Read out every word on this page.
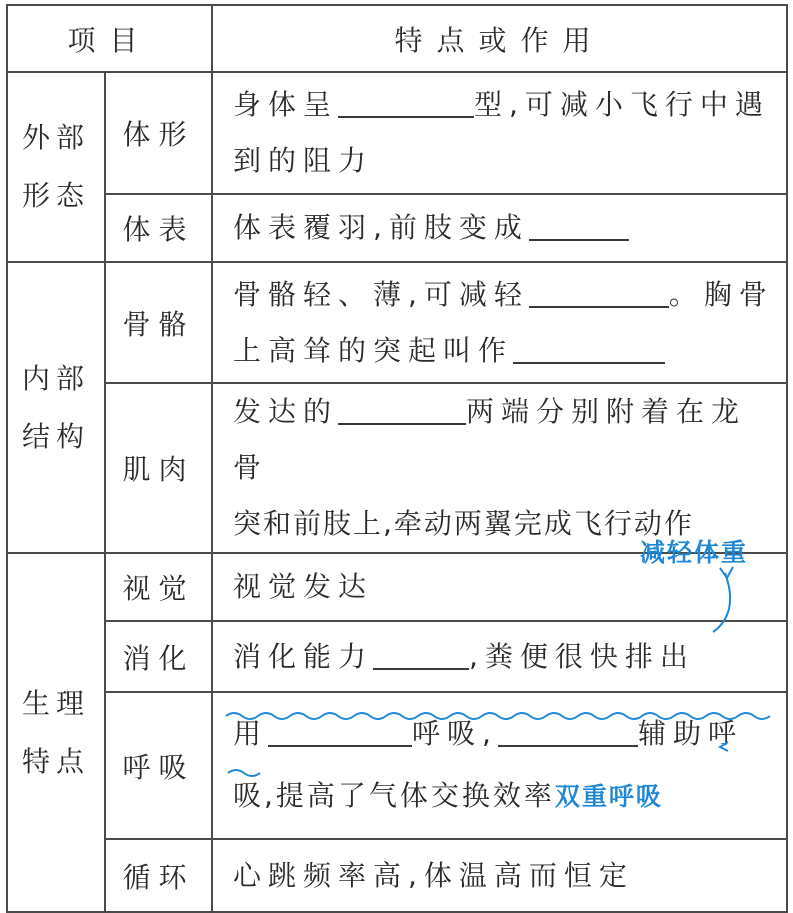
项目		特点或作用
外部
形态	体形	身体呈 型,可减小飞行中遇
到的阻力
	体表	体表覆羽,前肢变成
内部
结构	骨骼	骨骼轻、薄,可减轻 。胸骨
上高耸的突起叫作
	肌肉	发达的 两端分别附着在龙骨
突和前肢上,牵动两翼完成飞行动作
生理
特点	视觉	视觉发达
	消化	消化能力 ,粪便很快排出
	呼吸	用 呼吸, 辅助呼
吸,提高了气体交换效率双重呼吸
	循环	心跳频率高,体温高而恒定
减轻体重
